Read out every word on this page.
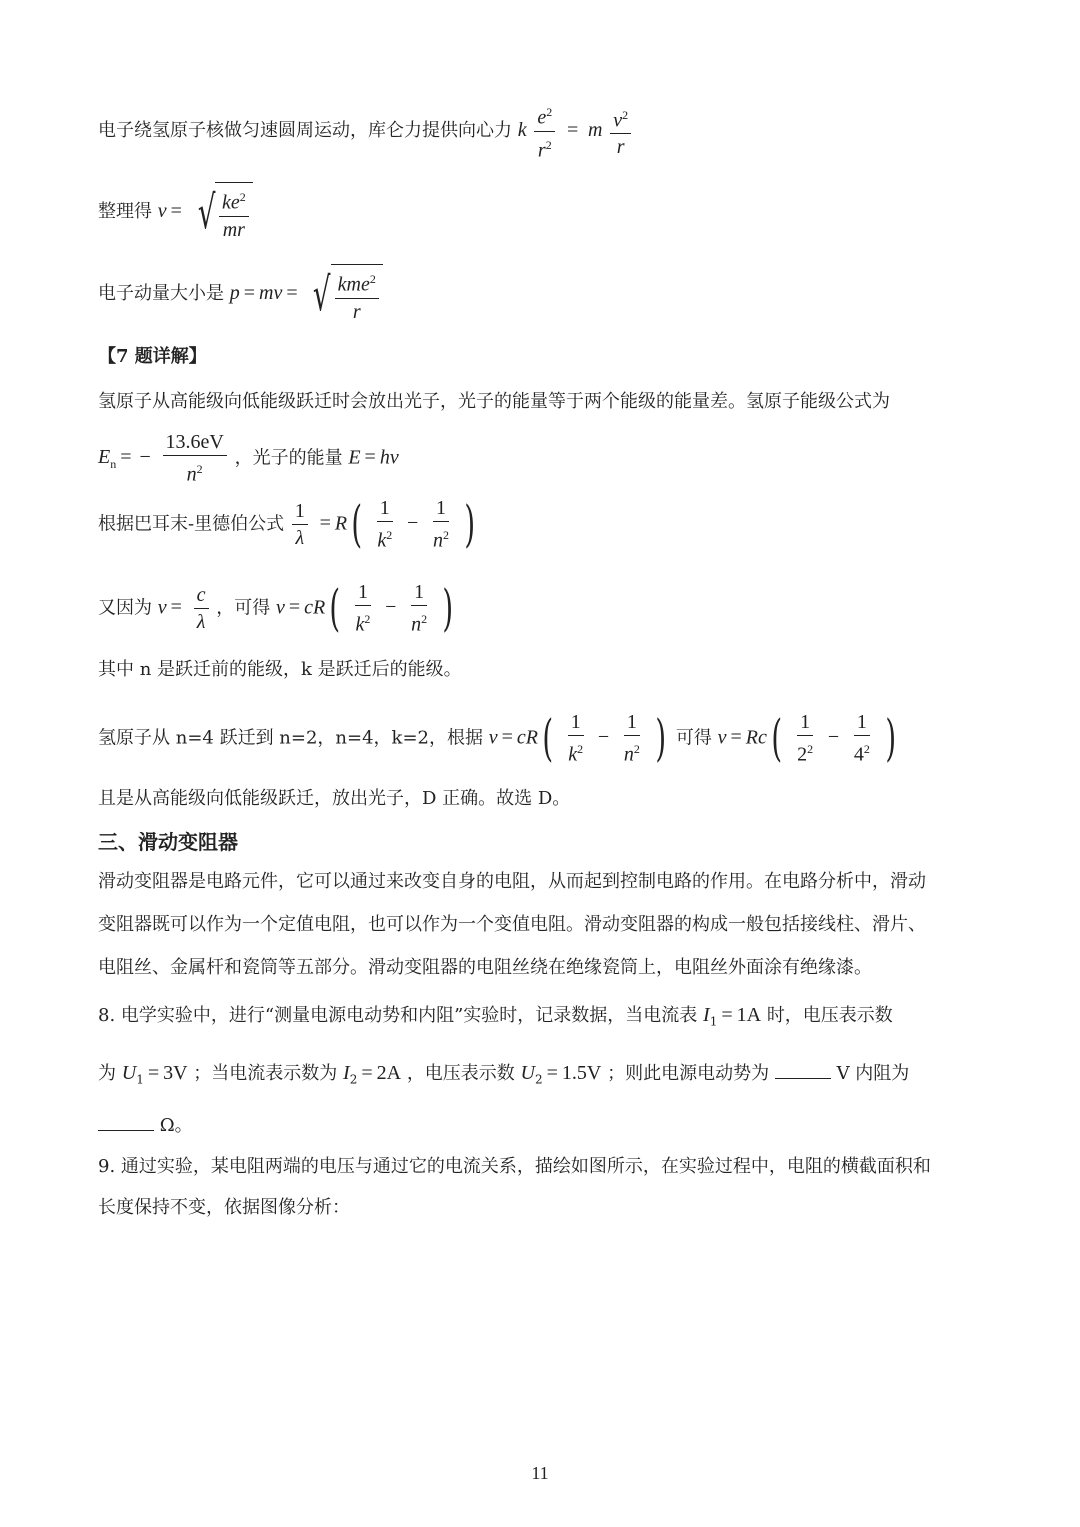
电子绕氢原子核做匀速圆周运动，库仑力提供向心力 k $\frac{e^2}{r^2} = m \frac{v^2}{r}$
整理得 v = √ $\frac{ke^2}{mr}$
电子动量大小是 p = mv = √ $\frac{kme^2}{r}$
【7 题详解】
氢原子从高能级向低能级跃迁时会放出光子，光子的能量等于两个能级的能量差。氢原子能级公式为
$E_n$ = − $\frac{13.6eV}{n^2}$ ，光子的能量 E = hν
根据巴耳末-里德伯公式 $\frac{1}{\lambda} = R( \frac{1}{k^2} - \frac{1}{n^2}$ )
又因为 $\nu = \frac{c}{\lambda}$ ，可得 $\nu = cR( \frac{1}{k^2} - \frac{1}{n^2}$ )
其中 n 是跃迁前的能级，k 是跃迁后的能级。
氢原子从 n=4 跃迁到 n=2，n=4，k=2，根据 $\nu = cR( \frac{1}{k^2} - \frac{1}{n^2}$ ) 可得 $\nu = Rc( \frac{1}{2^2} - \frac{1}{4^2}$ )
且是从高能级向低能级跃迁，放出光子，D 正确。故选 D。
三、滑动变阻器
滑动变阻器是电路元件，它可以通过来改变自身的电阻，从而起到控制电路的作用。在电路分析中，滑动
变阻器既可以作为一个定值电阻，也可以作为一个变值电阻。滑动变阻器的构成一般包括接线柱、滑片、
电阻丝、金属杆和瓷筒等五部分。滑动变阻器的电阻丝绕在绝缘瓷筒上，电阻丝外面涂有绝缘漆。
8. 电学实验中，进行“测量电源电动势和内阻”实验时，记录数据，当电流表 $I_1 = 1A$ 时，电压表示数
为 $U_1 = 3V$ ；当电流表示数为 $I_2 = 2A$ ，电压表示数 $U_2 = 1.5V$ ；则此电源电动势为	V 内阻为
Ω。
9. 通过实验，某电阻两端的电压与通过它的电流关系，描绘如图所示，在实验过程中，电阻的横截面积和
长度保持不变，依据图像分析：
11
